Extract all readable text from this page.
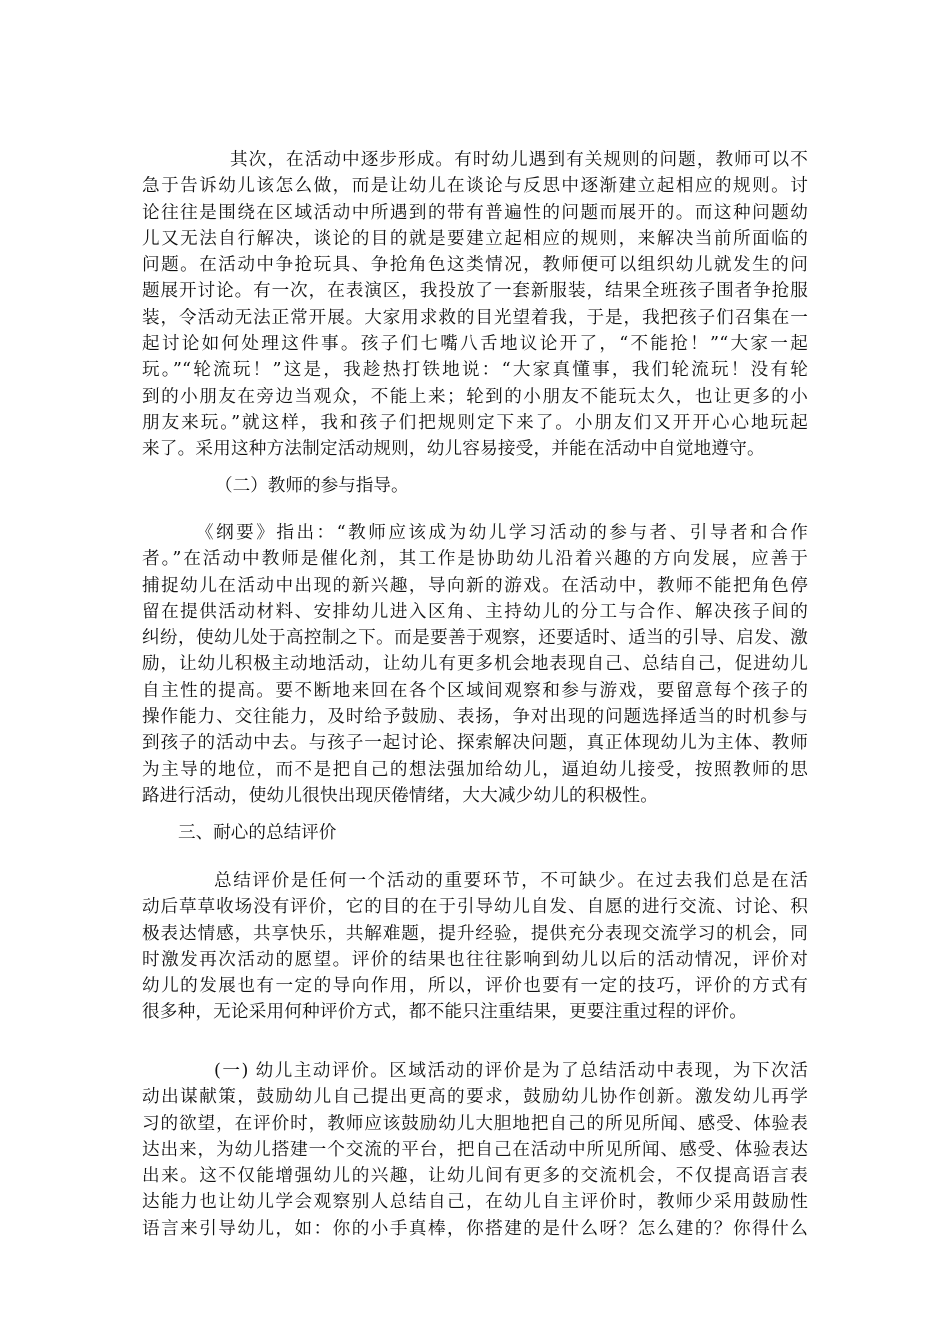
其次，在活动中逐步形成。有时幼儿遇到有关规则的问题，教师可以不
急于告诉幼儿该怎么做，而是让幼儿在谈论与反思中逐渐建立起相应的规则。讨
论往往是围绕在区域活动中所遇到的带有普遍性的问题而展开的。而这种问题幼
儿又无法自行解决，谈论的目的就是要建立起相应的规则，来解决当前所面临的
问题。在活动中争抢玩具、争抢角色这类情况，教师便可以组织幼儿就发生的问
题展开讨论。有一次，在表演区，我投放了一套新服装，结果全班孩子围者争抢服
装，令活动无法正常开展。大家用求救的目光望着我，于是，我把孩子们召集在一
起讨论如何处理这件事。孩子们七嘴八舌地议论开了，“不能抢！”“大家一起
玩。”“轮流玩！”这是，我趁热打铁地说：“大家真懂事，我们轮流玩！没有轮
到的小朋友在旁边当观众，不能上来；轮到的小朋友不能玩太久，也让更多的小
朋友来玩。”就这样，我和孩子们把规则定下来了。小朋友们又开开心心地玩起
来了。采用这种方法制定活动规则，幼儿容易接受，并能在活动中自觉地遵守。
（二）教师的参与指导。
《纲要》指出：“教师应该成为幼儿学习活动的参与者、引导者和合作
者。”在活动中教师是催化剂，其工作是协助幼儿沿着兴趣的方向发展，应善于
捕捉幼儿在活动中出现的新兴趣，导向新的游戏。在活动中，教师不能把角色停
留在提供活动材料、安排幼儿进入区角、主持幼儿的分工与合作、解决孩子间的
纠纷，使幼儿处于高控制之下。而是要善于观察，还要适时、适当的引导、启发、激
励，让幼儿积极主动地活动，让幼儿有更多机会地表现自己、总结自己，促进幼儿
自主性的提高。要不断地来回在各个区域间观察和参与游戏，要留意每个孩子的
操作能力、交往能力，及时给予鼓励、表扬，争对出现的问题选择适当的时机参与
到孩子的活动中去。与孩子一起讨论、探索解决问题，真正体现幼儿为主体、教师
为主导的地位，而不是把自己的想法强加给幼儿，逼迫幼儿接受，按照教师的思
路进行活动，使幼儿很快出现厌倦情绪，大大减少幼儿的积极性。
三、耐心的总结评价
总结评价是任何一个活动的重要环节，不可缺少。在过去我们总是在活
动后草草收场没有评价，它的目的在于引导幼儿自发、自愿的进行交流、讨论、积
极表达情感，共享快乐，共解难题，提升经验，提供充分表现交流学习的机会，同
时激发再次活动的愿望。评价的结果也往往影响到幼儿以后的活动情况，评价对
幼儿的发展也有一定的导向作用，所以，评价也要有一定的技巧，评价的方式有
很多种，无论采用何种评价方式，都不能只注重结果，更要注重过程的评价。
(一) 幼儿主动评价。区域活动的评价是为了总结活动中表现，为下次活
动出谋献策，鼓励幼儿自己提出更高的要求，鼓励幼儿协作创新。激发幼儿再学
习的欲望，在评价时，教师应该鼓励幼儿大胆地把自己的所见所闻、感受、体验表
达出来，为幼儿搭建一个交流的平台，把自己在活动中所见所闻、感受、体验表达
出来。这不仅能增强幼儿的兴趣，让幼儿间有更多的交流机会，不仅提高语言表
达能力也让幼儿学会观察别人总结自己，在幼儿自主评价时，教师少采用鼓励性
语言来引导幼儿，如：你的小手真棒，你搭建的是什么呀？怎么建的？你得什么
